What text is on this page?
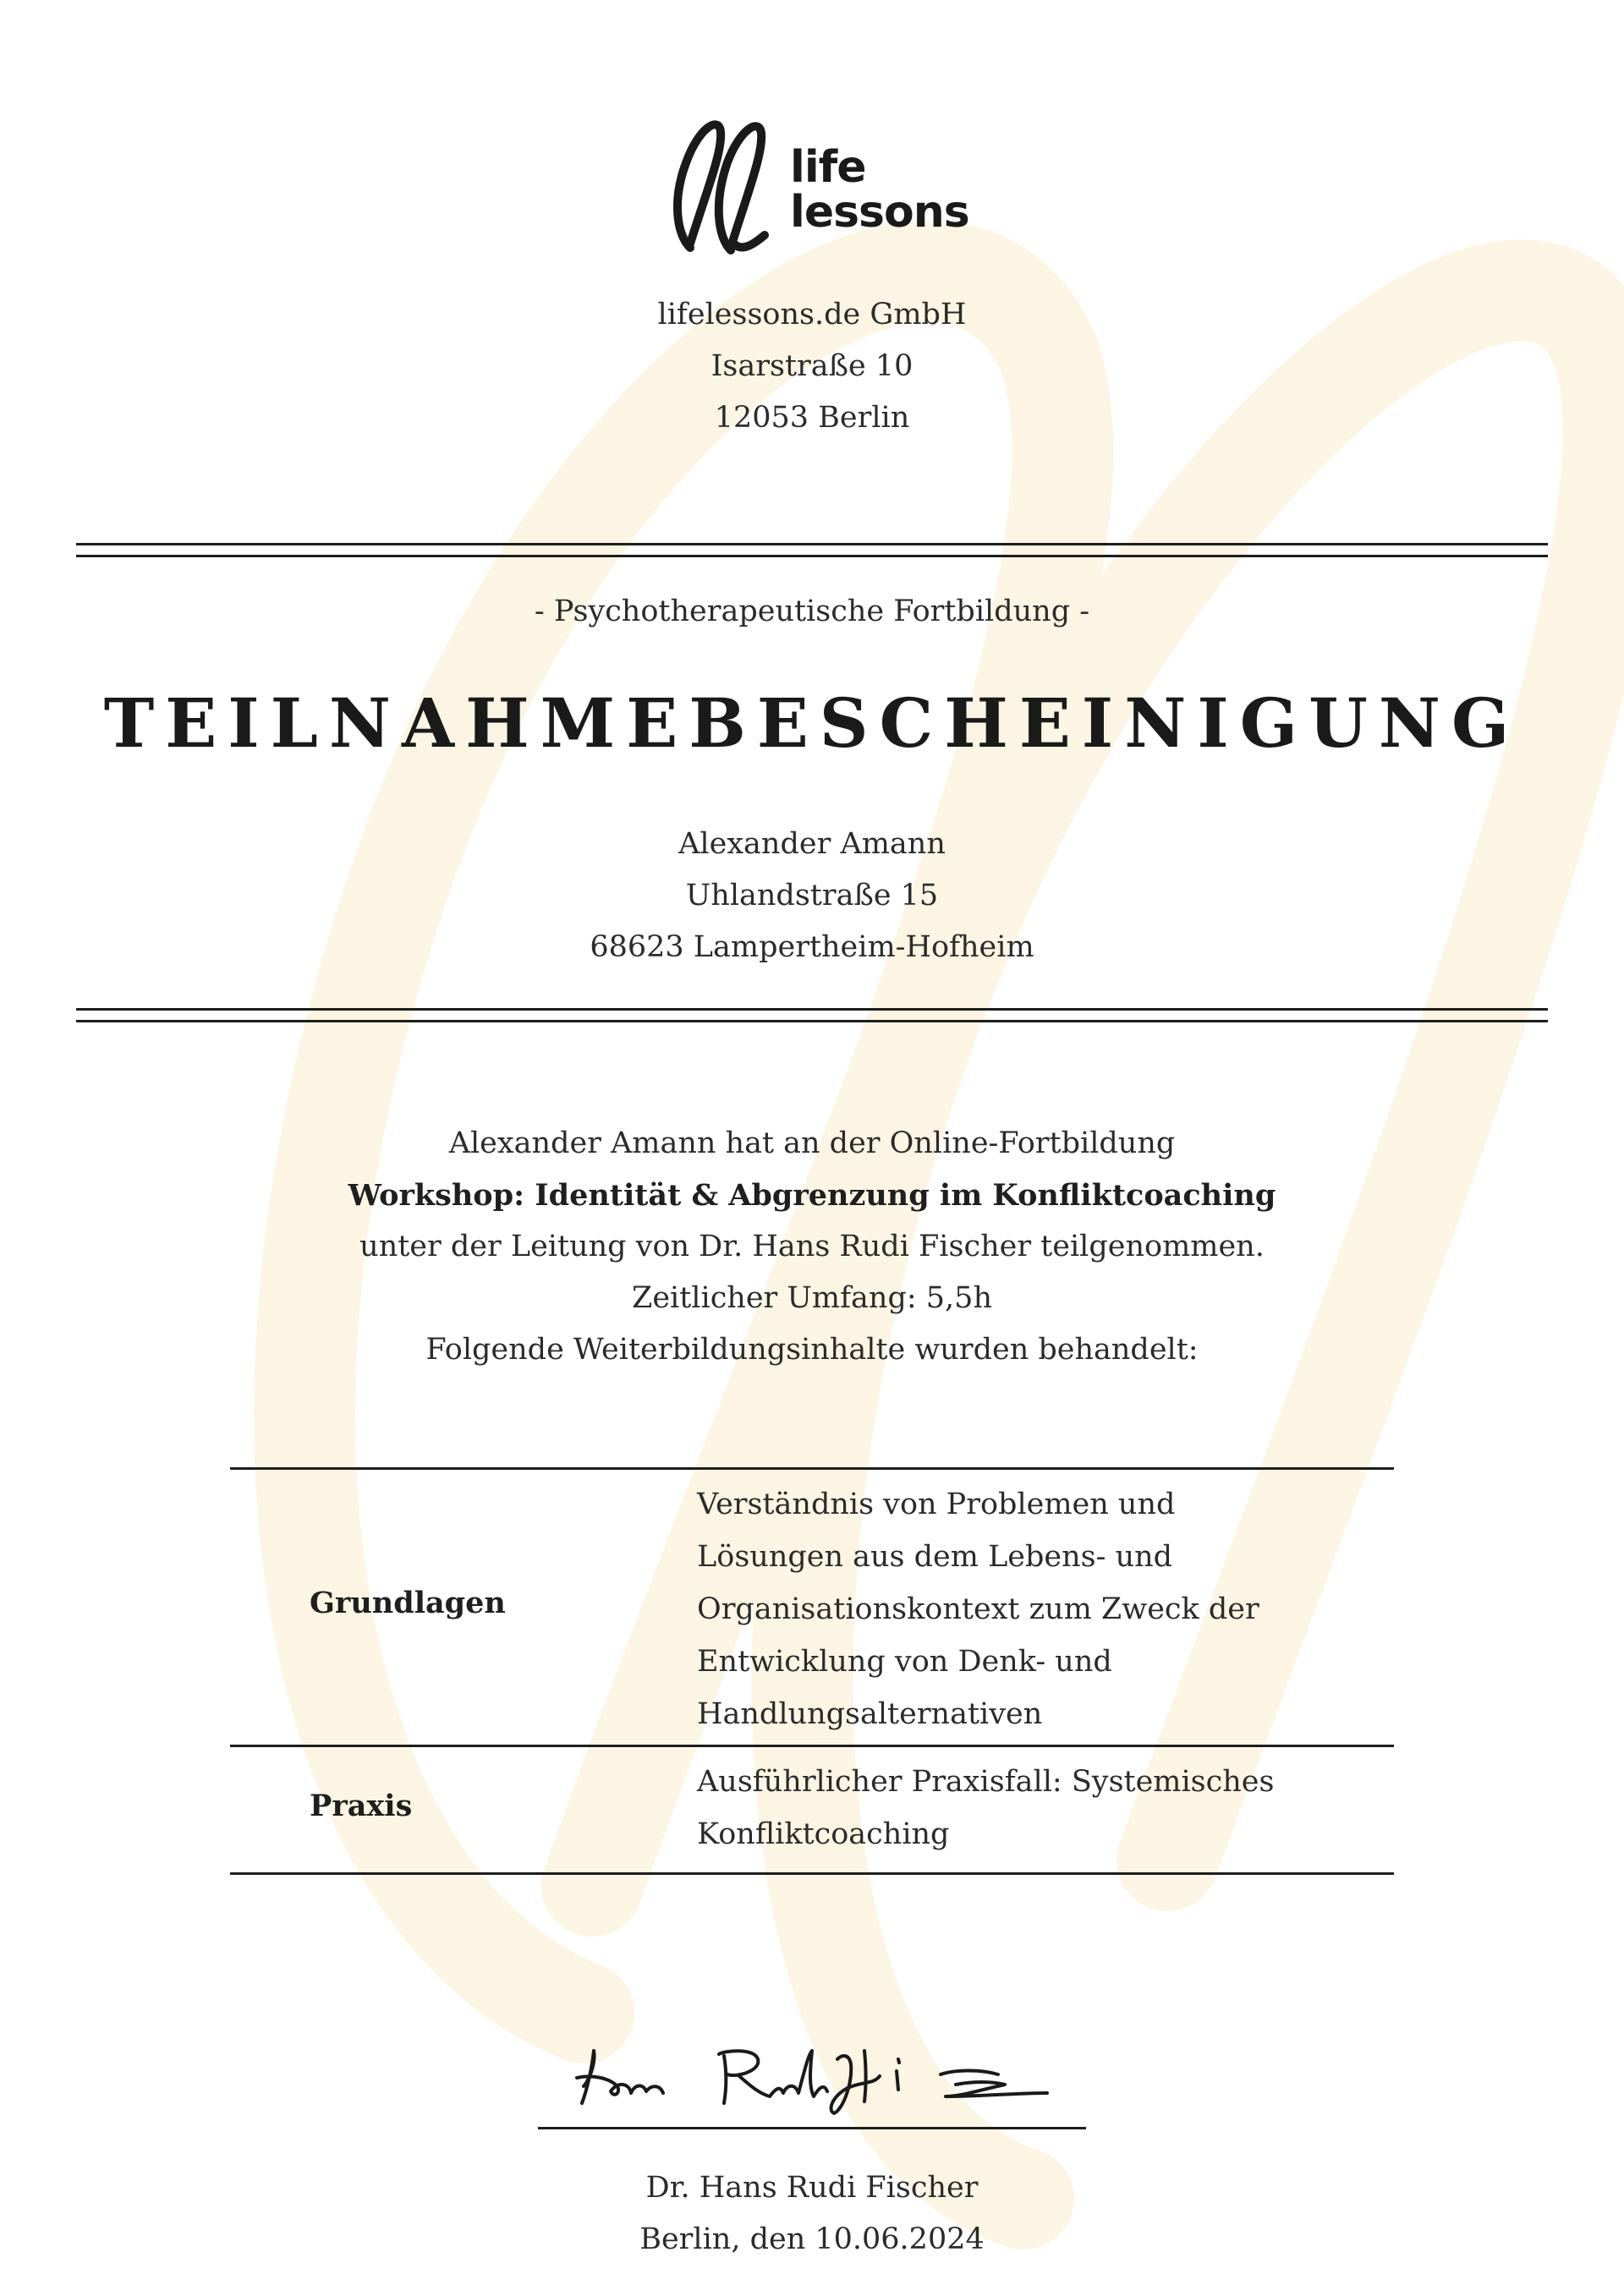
life
lessons
lifelessons.de GmbH
Isarstraße 10
12053 Berlin
- Psychotherapeutische Fortbildung -
TEILNAHMEBESCHEINIGUNG
Alexander Amann
Uhlandstraße 15
68623 Lampertheim-Hofheim
Alexander Amann hat an der Online-Fortbildung
Workshop: Identität & Abgrenzung im Konfliktcoaching
unter der Leitung von Dr. Hans Rudi Fischer teilgenommen.
Zeitlicher Umfang: 5,5h
Folgende Weiterbildungsinhalte wurden behandelt:
Grundlagen
Verständnis von Problemen und
Lösungen aus dem Lebens- und
Organisationskontext zum Zweck der
Entwicklung von Denk- und
Handlungsalternativen
Praxis
Ausführlicher Praxisfall: Systemisches
Konfliktcoaching
Dr. Hans Rudi Fischer
Berlin, den 10.06.2024
